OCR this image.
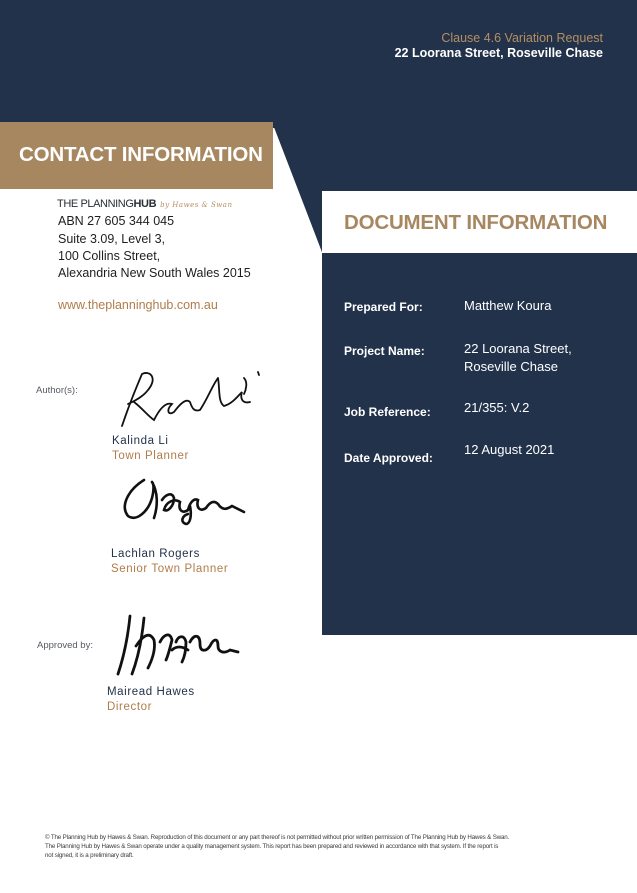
Clause 4.6 Variation Request
22 Loorana Street, Roseville Chase
CONTACT INFORMATION
DOCUMENT INFORMATION
THE PLANNINGHUB by Hawes & Swan
ABN 27 605 344 045
Suite 3.09, Level 3,
100 Collins Street,
Alexandria New South Wales 2015
www.theplanninghub.com.au
Author(s):
Kalinda Li
Town Planner
Lachlan Rogers
Senior Town Planner
Approved by:
Mairead Hawes
Director
Prepared For:	Matthew Koura
Project Name:	22 Loorana Street,
Roseville Chase
Job Reference:	21/355: V.2
Date Approved:
12 August 2021
© The Planning Hub by Hawes & Swan. Reproduction of this document or any part thereof is not permitted without prior written permission of The Planning Hub by Hawes & Swan.
The Planning Hub by Hawes & Swan operate under a quality management system. This report has been prepared and reviewed in accordance with that system. If the report is
not signed, it is a preliminary draft.
